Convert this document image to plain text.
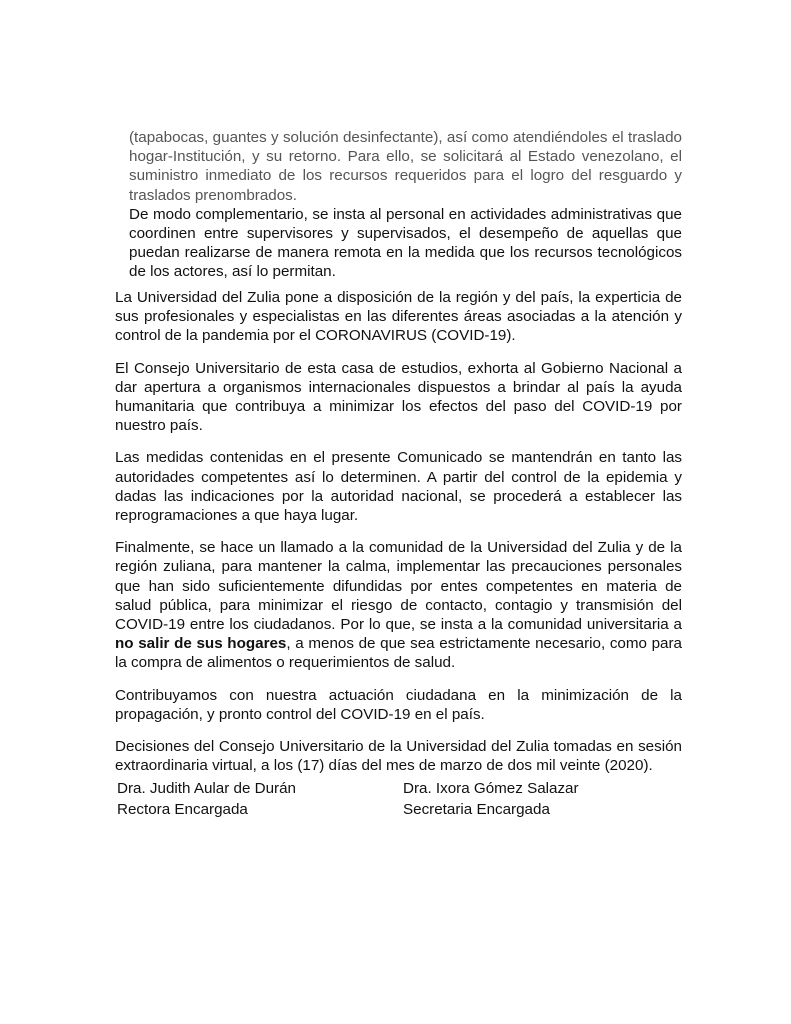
(tapabocas, guantes y solución desinfectante), así como atendiéndoles el traslado hogar-Institución, y su retorno. Para ello, se solicitará al Estado venezolano, el suministro inmediato de los recursos requeridos para el logro del resguardo y traslados prenombrados.

De modo complementario, se insta al personal en actividades administrativas que coordinen entre supervisores y supervisados, el desempeño de aquellas que puedan realizarse de manera remota en la medida que los recursos tecnológicos de los actores, así lo permitan.

La Universidad del Zulia pone a disposición de la región y del país, la experticia de sus profesionales y especialistas en las diferentes áreas asociadas a la atención y control de la pandemia por el CORONAVIRUS (COVID-19).

El Consejo Universitario de esta casa de estudios, exhorta al Gobierno Nacional a dar apertura a organismos internacionales dispuestos a brindar al país la ayuda humanitaria que contribuya a minimizar los efectos del paso del COVID-19 por nuestro país.

Las medidas contenidas en el presente Comunicado se mantendrán en tanto las autoridades competentes así lo determinen. A partir del control de la epidemia y dadas las indicaciones por la autoridad nacional, se procederá a establecer las reprogramaciones a que haya lugar.

Finalmente, se hace un llamado a la comunidad de la Universidad del Zulia y de la región zuliana, para mantener la calma, implementar las precauciones personales que han sido suficientemente difundidas por entes competentes en materia de salud pública, para minimizar el riesgo de contacto, contagio y transmisión del COVID-19 entre los ciudadanos. Por lo que, se insta a la comunidad universitaria a no salir de sus hogares, a menos de que sea estrictamente necesario, como para la compra de alimentos o requerimientos de salud.

Contribuyamos con nuestra actuación ciudadana en la minimización de la propagación, y pronto control del COVID-19 en el país.

Decisiones del Consejo Universitario de la Universidad del Zulia tomadas en sesión extraordinaria virtual, a los (17) días del mes de marzo de dos mil veinte (2020).

Dra. Judith Aular de Durán
Rectora Encargada
Dra. Ixora Gómez Salazar
Secretaria Encargada
